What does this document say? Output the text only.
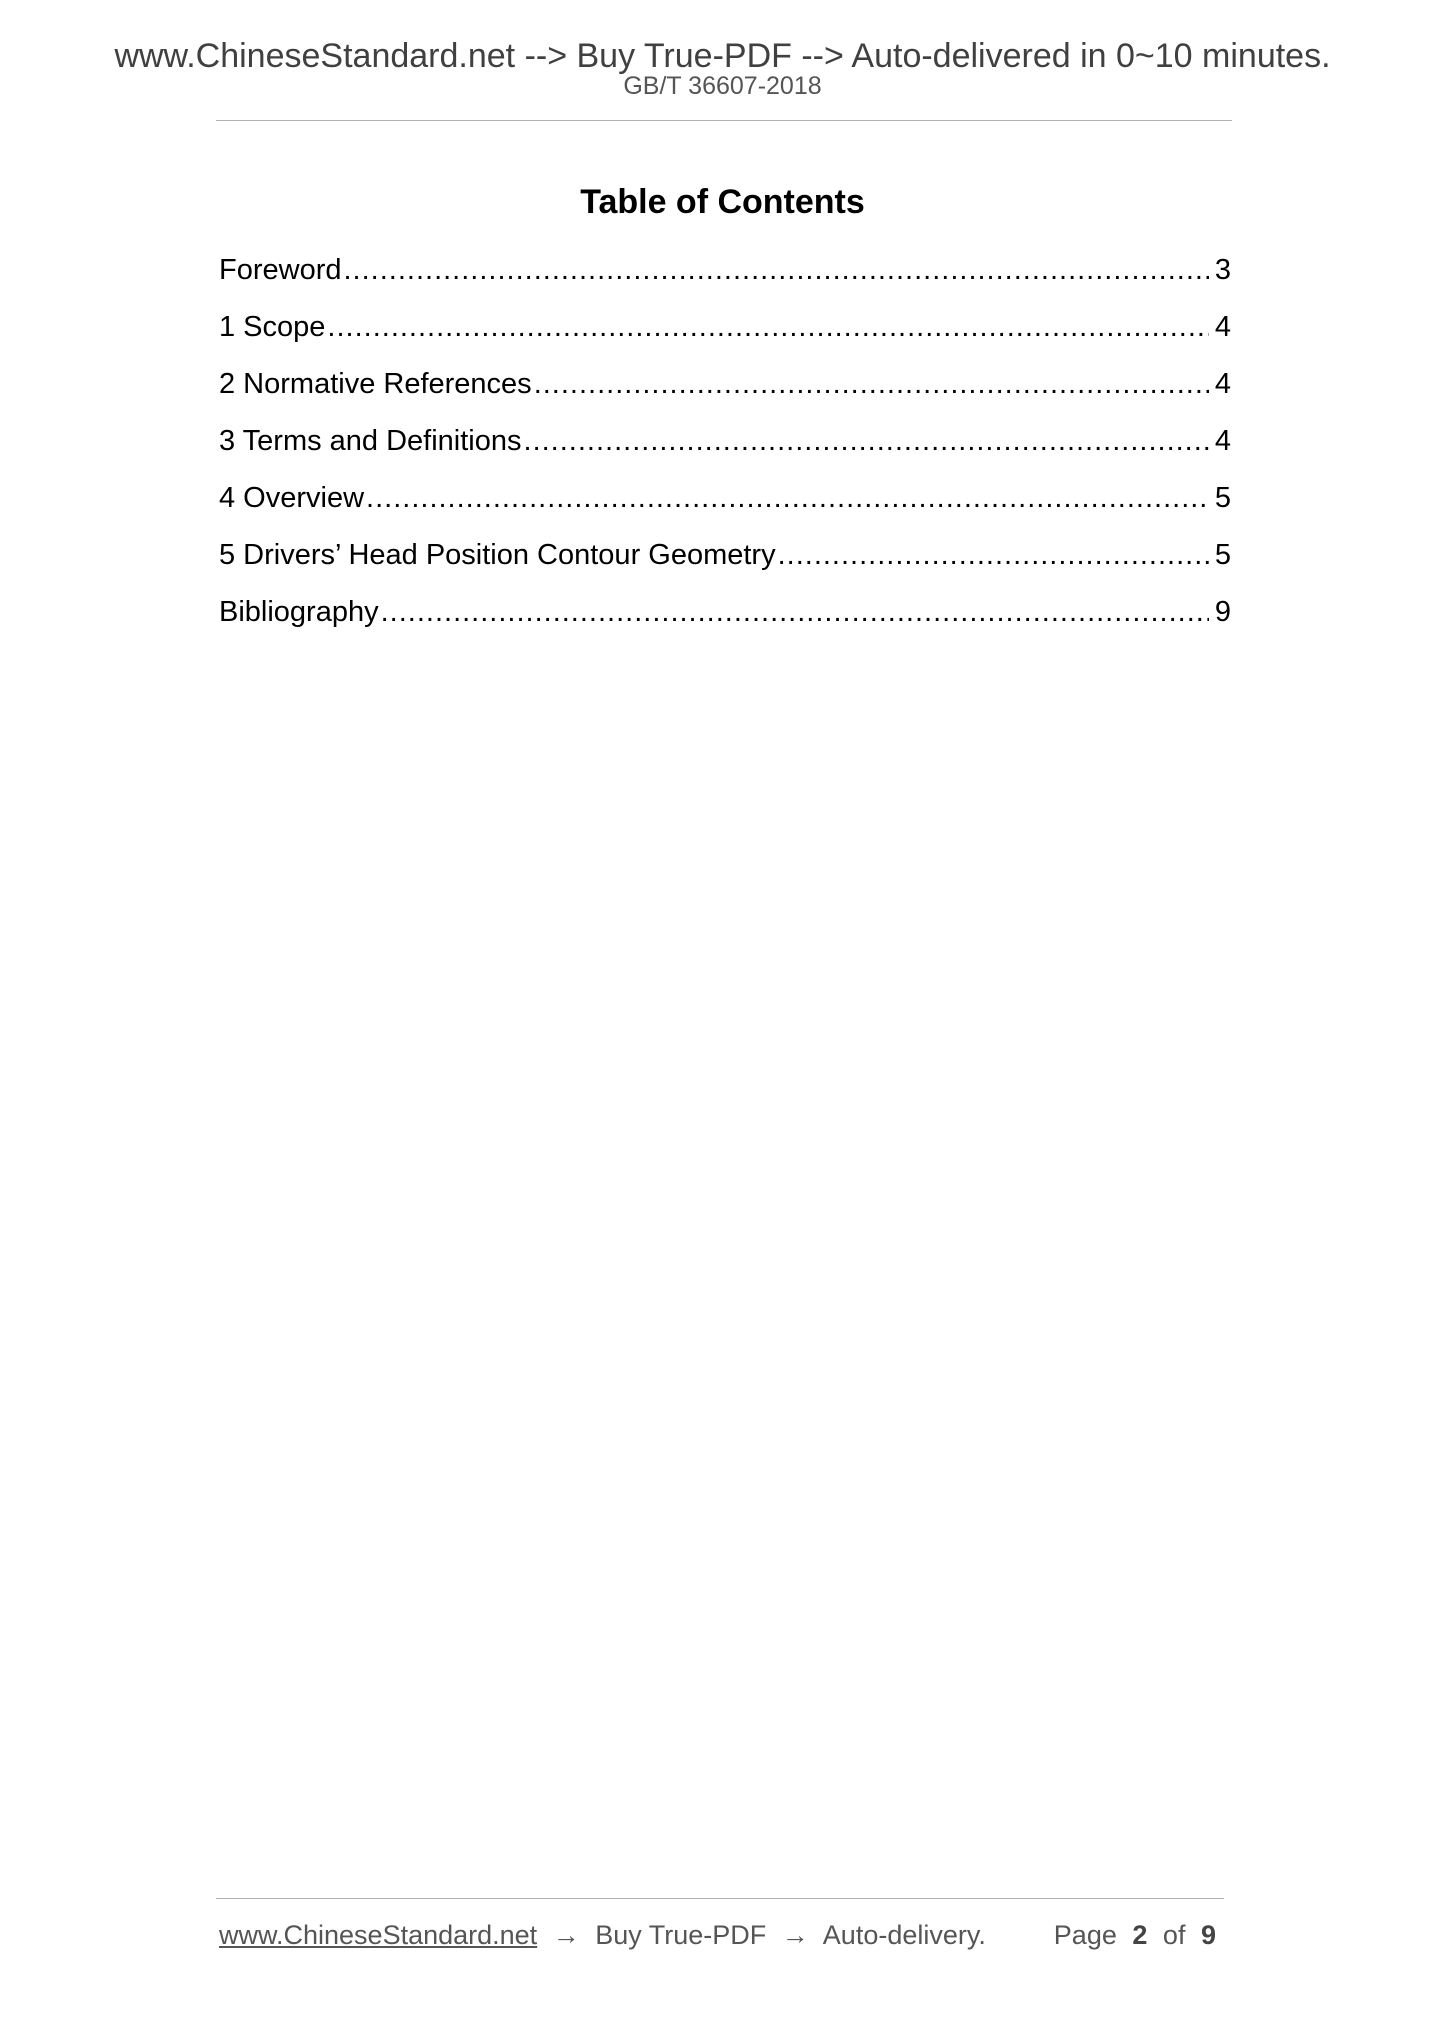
www.ChineseStandard.net --> Buy True-PDF --> Auto-delivered in 0~10 minutes.
GB/T 36607-2018
Table of Contents
Foreword .....	3
1 Scope .....	4
2 Normative References .....	4
3 Terms and Definitions .....	4
4 Overview .....	5
5 Drivers’ Head Position Contour Geometry .....	5
Bibliography .....	9
www.ChineseStandard.net → Buy True-PDF → Auto-delivery.	Page 2 of 9
